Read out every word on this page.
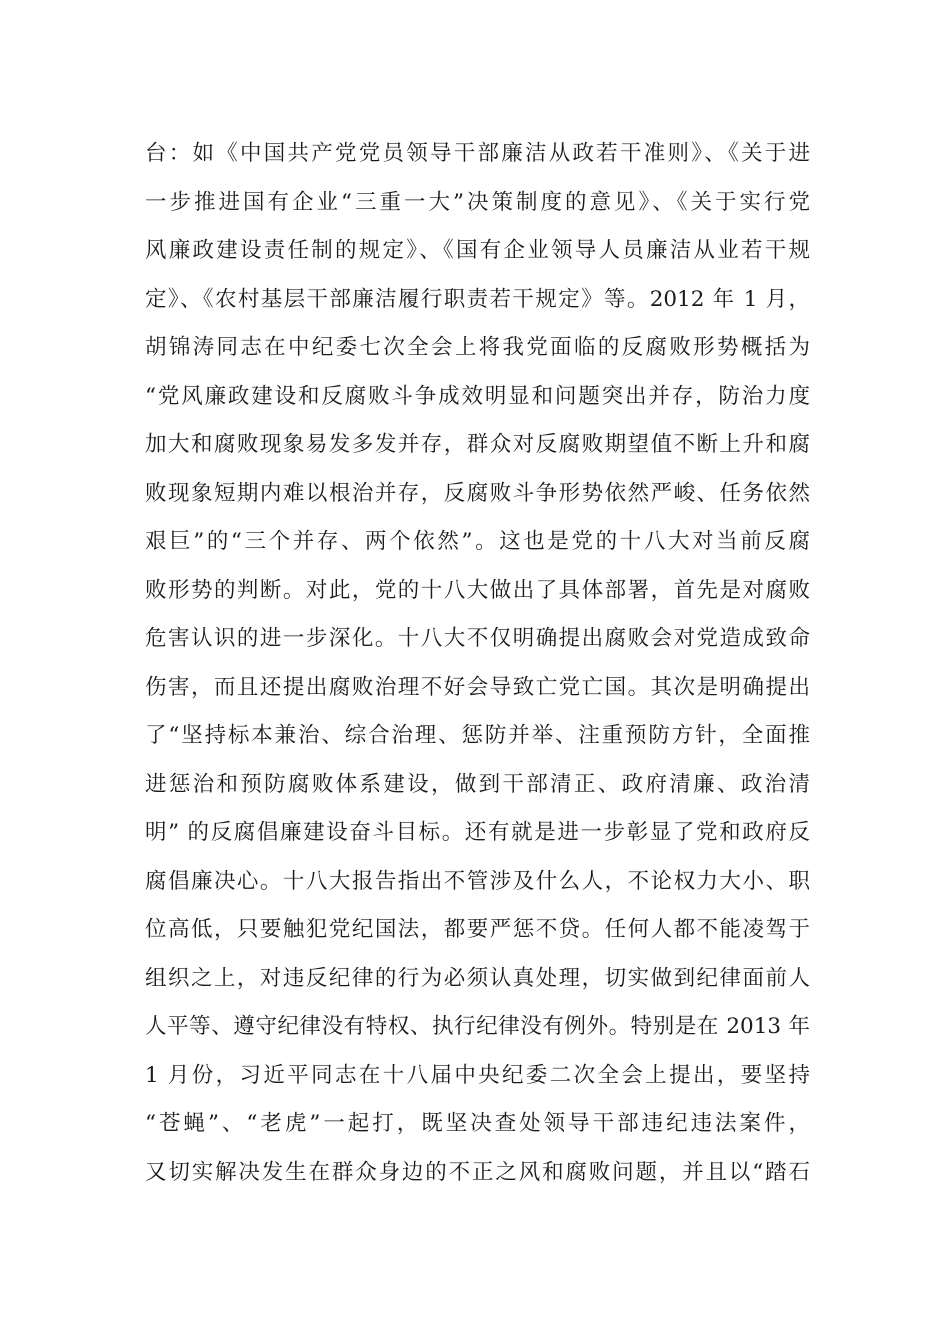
台：如《中国共产党党员领导干部廉洁从政若干准则》、《关于进
一步推进国有企业“三重一大”决策制度的意见》、《关于实行党
风廉政建设责任制的规定》、《国有企业领导人员廉洁从业若干规
定》、《农村基层干部廉洁履行职责若干规定》等。2012 年 1 月，
胡锦涛同志在中纪委七次全会上将我党面临的反腐败形势概括为
“党风廉政建设和反腐败斗争成效明显和问题突出并存，防治力度
加大和腐败现象易发多发并存，群众对反腐败期望值不断上升和腐
败现象短期内难以根治并存，反腐败斗争形势依然严峻、任务依然
艰巨”的“三个并存、两个依然”。这也是党的十八大对当前反腐
败形势的判断。对此，党的十八大做出了具体部署，首先是对腐败
危害认识的进一步深化。十八大不仅明确提出腐败会对党造成致命
伤害，而且还提出腐败治理不好会导致亡党亡国。其次是明确提出
了“坚持标本兼治、综合治理、惩防并举、注重预防方针，全面推
进惩治和预防腐败体系建设，做到干部清正、政府清廉、政治清
明” 的反腐倡廉建设奋斗目标。还有就是进一步彰显了党和政府反
腐倡廉决心。十八大报告指出不管涉及什么人，不论权力大小、职
位高低，只要触犯党纪国法，都要严惩不贷。任何人都不能凌驾于
组织之上，对违反纪律的行为必须认真处理，切实做到纪律面前人
人平等、遵守纪律没有特权、执行纪律没有例外。特别是在 2013 年
1 月份，习近平同志在十八届中央纪委二次全会上提出，要坚持
“苍蝇”、“老虎”一起打，既坚决查处领导干部违纪违法案件，
又切实解决发生在群众身边的不正之风和腐败问题，并且以“踏石
